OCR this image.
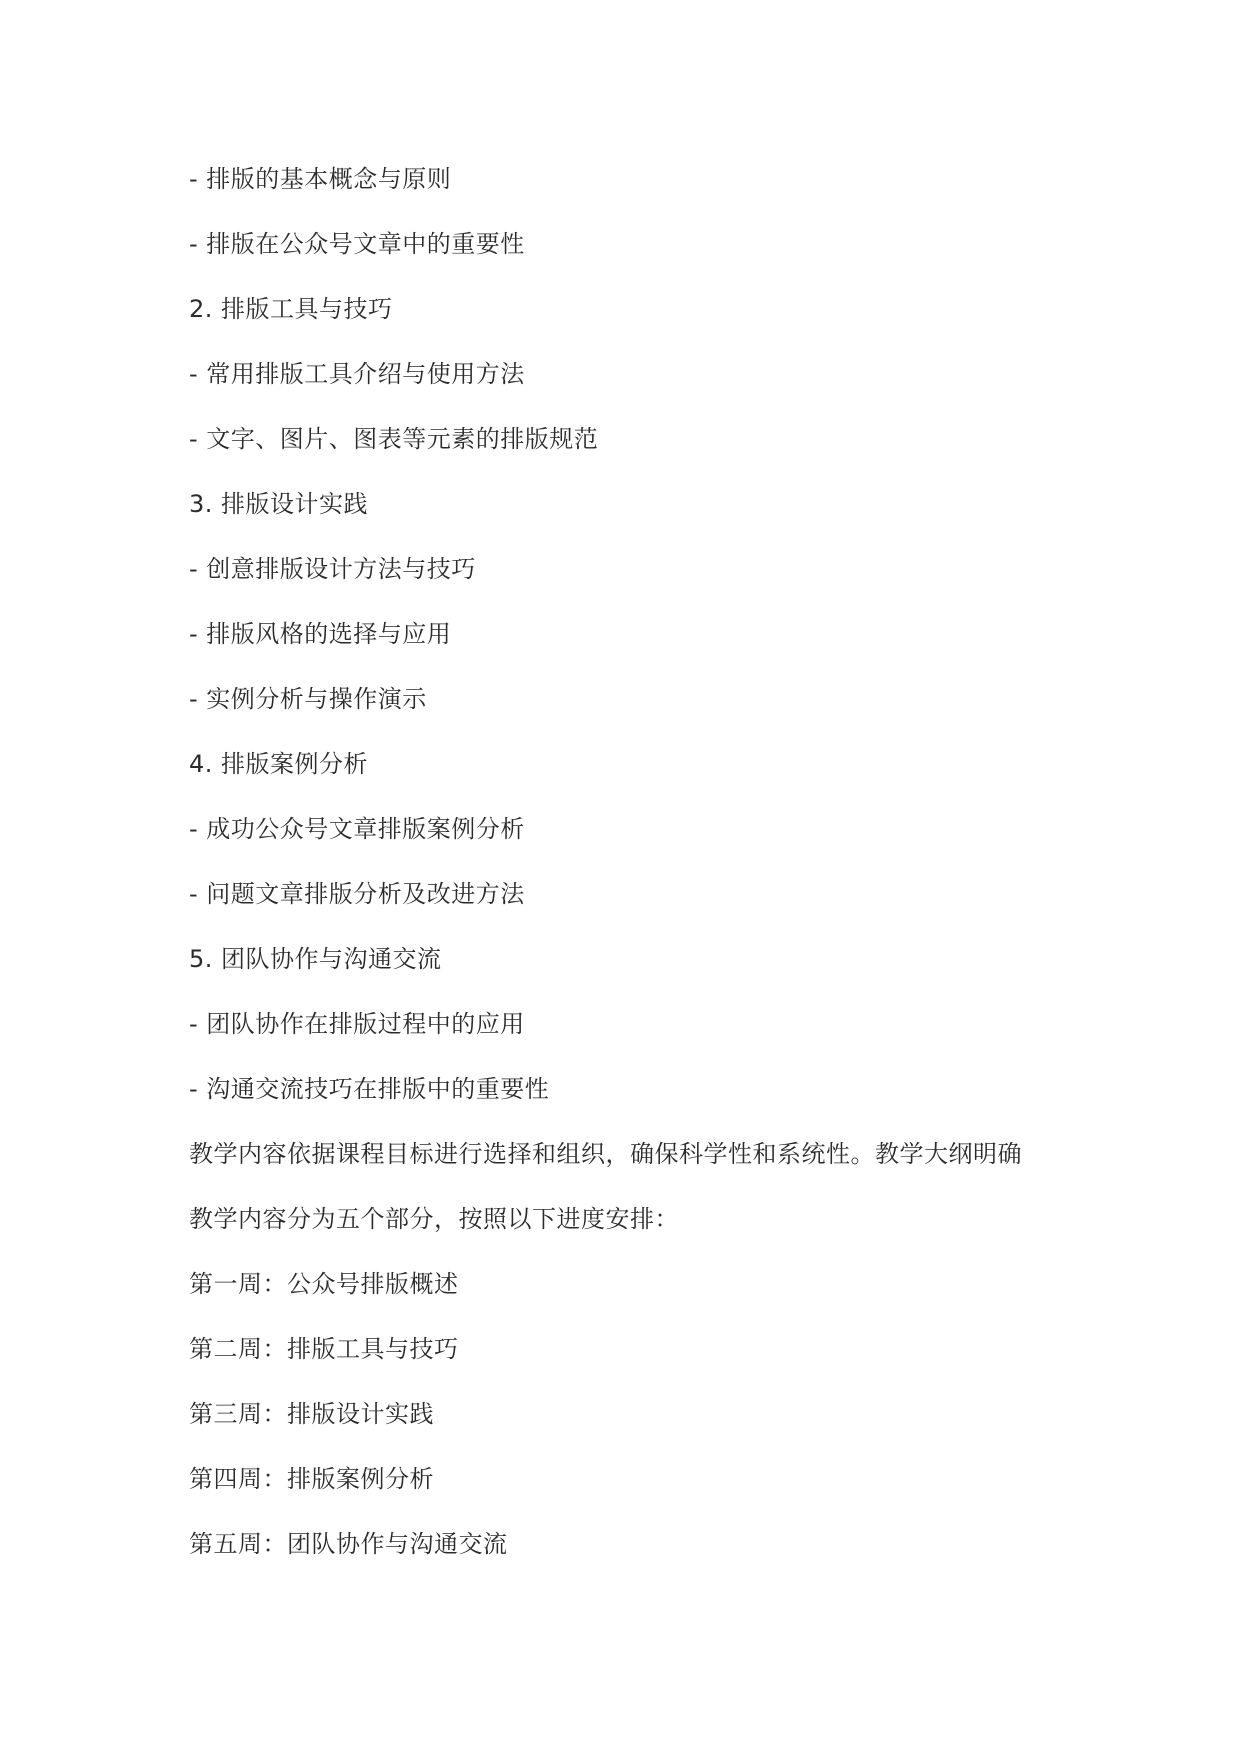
- 排版的基本概念与原则
- 排版在公众号文章中的重要性
2. 排版工具与技巧
- 常用排版工具介绍与使用方法
- 文字、图片、图表等元素的排版规范
3. 排版设计实践
- 创意排版设计方法与技巧
- 排版风格的选择与应用
- 实例分析与操作演示
4. 排版案例分析
- 成功公众号文章排版案例分析
- 问题文章排版分析及改进方法
5. 团队协作与沟通交流
- 团队协作在排版过程中的应用
- 沟通交流技巧在排版中的重要性
教学内容依据课程目标进行选择和组织，确保科学性和系统性。教学大纲明确
教学内容分为五个部分，按照以下进度安排：
第一周：公众号排版概述
第二周：排版工具与技巧
第三周：排版设计实践
第四周：排版案例分析
第五周：团队协作与沟通交流
